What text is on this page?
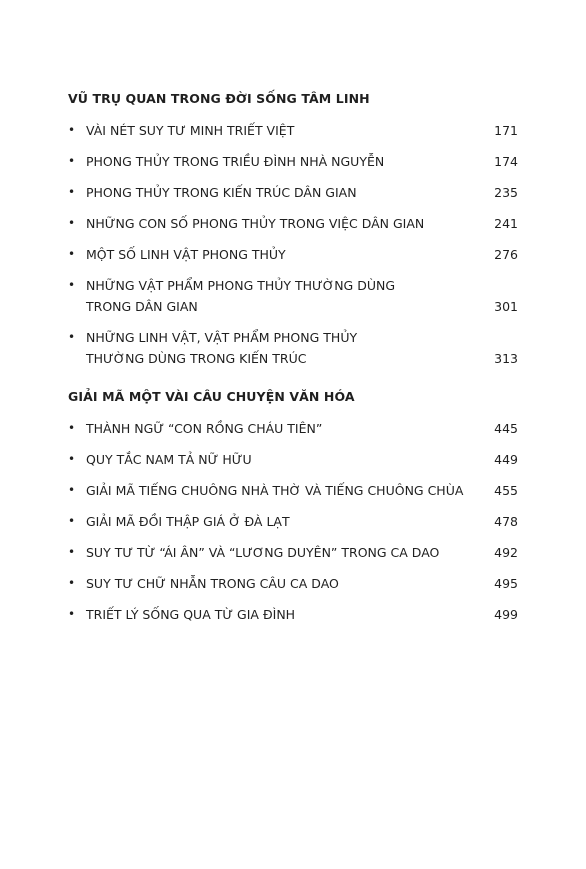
VŨ TRỤ QUAN TRONG ĐỜI SỐNG TÂM LINH
• VÀI NÉT SUY TƯ MINH TRIẾT VIỆT	171
• PHONG THỦY TRONG TRIỀU ĐÌNH NHÀ NGUYỄN	174
• PHONG THỦY TRONG KIẾN TRÚC DÂN GIAN	235
• NHỮNG CON SỐ PHONG THỦY TRONG VIỆC DÂN GIAN	241
• MỘT SỐ LINH VẬT PHONG THỦY	276
• NHỮNG VẬT PHẨM PHONG THỦY THƯỜNG DÙNG
TRONG DÂN GIAN	301
• NHỮNG LINH VẬT, VẬT PHẨM PHONG THỦY
THƯỜNG DÙNG TRONG KIẾN TRÚC	313
GIẢI MÃ MỘT VÀI CÂU CHUYỆN VĂN HÓA
• THÀNH NGỮ “CON RỒNG CHÁU TIÊN”	445
• QUY TẮC NAM TẢ NỮ HỮU	449
• GIẢI MÃ TIẾNG CHUÔNG NHÀ THỜ VÀ TIẾNG CHUÔNG CHÙA	455
• GIẢI MÃ ĐỒI THẬP GIÁ Ở ĐÀ LẠT	478
• SUY TƯ TỪ “ÁI ÂN” VÀ “LƯƠNG DUYÊN” TRONG CA DAO	492
• SUY TƯ CHỮ NHẪN TRONG CÂU CA DAO	495
• TRIẾT LÝ SỐNG QUA TỪ GIA ĐÌNH	499
